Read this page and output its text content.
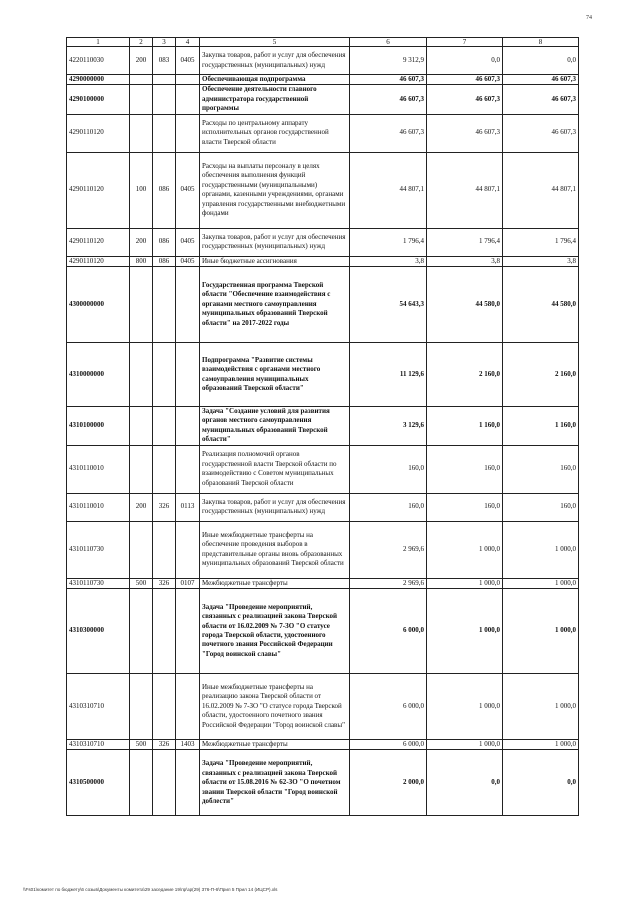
74
1	2	3	4	5	6	7	8
4220110030	200	083	0405	Закупка товаров, работ и услуг для обеспечения государственных (муниципальных) нужд	9 312,9	0,0	0,0
4290000000				Обеспечивающая подпрограмма	46 607,3	46 607,3	46 607,3
4290100000				Обеспечение деятельности главного администратора государственной программы	46 607,3	46 607,3	46 607,3
4290110120				Расходы по центральному аппарату исполнительных органов государственной власти Тверской области	46 607,3	46 607,3	46 607,3
4290110120	100	086	0405	Расходы на выплаты персоналу в целях обеспечения выполнения функций государственными (муниципальными) органами, казенными учреждениями, органами управления государственными внебюджетными фондами	44 807,1	44 807,1	44 807,1
4290110120	200	086	0405	Закупка товаров, работ и услуг для обеспечения государственных (муниципальных) нужд	1 796,4	1 796,4	1 796,4
4290110120	800	086	0405	Иные бюджетные ассигнования	3,8	3,8	3,8
4300000000				Государственная программа Тверской области "Обеспечение взаимодействия с органами местного самоуправления муниципальных образований Тверской области" на 2017-2022 годы	54 643,3	44 580,0	44 580,0
4310000000				Подпрограмма "Развитие системы взаимодействия с органами местного самоуправления муниципальных образований Тверской области"	11 129,6	2 160,0	2 160,0
4310100000				Задача "Создание условий для развития органов местного самоуправления муниципальных образований Тверской области"	3 129,6	1 160,0	1 160,0
4310110010				Реализация полномочий органов государственной власти Тверской области по взаимодействию с Советом муниципальных образований Тверской области	160,0	160,0	160,0
4310110010	200	326	0113	Закупка товаров, работ и услуг для обеспечения государственных (муниципальных) нужд	160,0	160,0	160,0
4310110730				Иные межбюджетные трансферты на обеспечение проведения выборов в представительные органы вновь образованных муниципальных образований Тверской области	2 969,6	1 000,0	1 000,0
4310110730	500	326	0107	Межбюджетные трансферты	2 969,6	1 000,0	1 000,0
4310300000				Задача "Проведение мероприятий, связанных с реализацией закона Тверской области от 16.02.2009 № 7-ЗО "О статусе города Тверской области, удостоенного почетного звания Российской Федерации "Город воинской славы"	6 000,0	1 000,0	1 000,0
4310310710				Иные межбюджетные трансферты на реализацию закона Тверской области от 16.02.2009 № 7-ЗО "О статусе города Тверской области, удостоенного почетного звания Российской Федерации "Город воинской славы"	6 000,0	1 000,0	1 000,0
4310310710	500	326	1403	Межбюджетные трансферты	6 000,0	1 000,0	1 000,0
4310500000				Задача "Проведение мероприятий, связанных с реализацией закона Тверской области от 15.08.2016 № 62-ЗО "О почетном звании Тверской области "Город воинской доблести"	2 000,0	0,0	0,0
\\Fs01\комитет по бюджету\6 созыв\Документы комитета\29 заседание 19\пр\зр(29) 376-П-6\Прил 5 Прил 14 (ИЦСР).xls
